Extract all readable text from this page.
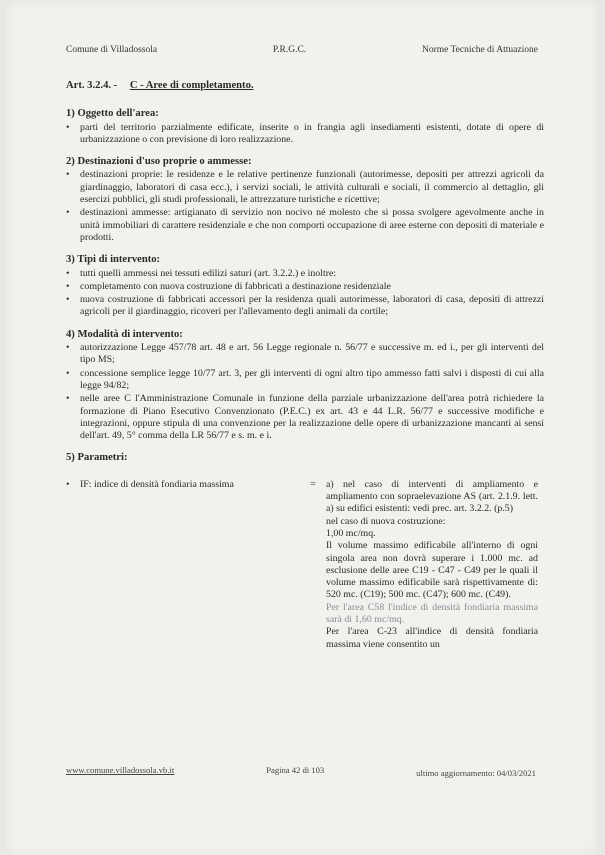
Comune di Villadossola	P.R.G.C.	Norme Tecniche di Attuazione
Art. 3.2.4. - C - Aree di completamento.
1) Oggetto dell'area:
• parti del territorio parzialmente edificate, inserite o in frangia agli insediamenti esistenti, dotate di opere di urbanizzazione o con previsione di loro realizzazione.
2) Destinazioni d'uso proprie o ammesse:
• destinazioni proprie: le residenze e le relative pertinenze funzionali (autorimesse, depositi per attrezzi agricoli da giardinaggio, laboratori di casa ecc.), i servizi sociali, le attività culturali e sociali, il commercio al dettaglio, gli esercizi pubblici, gli studi professionali, le attrezzature turistiche e ricettive;
• destinazioni ammesse: artigianato di servizio non nocivo né molesto che si possa svolgere agevolmente anche in unità immobiliari di carattere residenziale e che non comporti occupazione di aree esterne con depositi di materiale e prodotti.
3) Tipi di intervento:
• tutti quelli ammessi nei tessuti edilizi saturi (art. 3.2.2.) e inoltre:
• completamento con nuova costruzione di fabbricati a destinazione residenziale
• nuova costruzione di fabbricati accessori per la residenza quali autorimesse, laboratori di casa, depositi di attrezzi agricoli per il giardinaggio, ricoveri per l'allevamento degli animali da cortile;
4) Modalità di intervento:
• autorizzazione Legge 457/78 art. 48 e art. 56 Legge regionale n. 56/77 e successive m. ed i., per gli interventi del tipo MS;
• concessione semplice legge 10/77 art. 3, per gli interventi di ogni altro tipo ammesso fatti salvi i disposti di cui alla legge 94/82;
• nelle aree C l'Amministrazione Comunale in funzione della parziale urbanizzazione dell'area potrà richiedere la formazione di Piano Esecutivo Convenzionato (P.E.C.) ex art. 43 e 44 L.R. 56/77 e successive modifiche e integrazioni, oppure stipula di una convenzione per la realizzazione delle opere di urbanizzazione mancanti ai sensi dell'art. 49, 5° comma della LR 56/77 e s. m. e i.
5) Parametri:
• IF: indice di densità fondiaria massima	=	a) nel caso di interventi di ampliamento e ampliamento con sopraelevazione AS (art. 2.1.9. lett. a) su edifici esistenti: vedi prec. art. 3.2.2. (p.5)

nel caso di nuova costruzione:

1,00 mc/mq.

Il volume massimo edificabile all'interno di ogni singola area non dovrà superare i 1.000 mc. ad esclusione delle aree C19 - C47 - C49 per le quali il volume massimo edificabile sarà rispettivamente di: 520 mc. (C19); 500 mc. (C47); 600 mc. (C49).

Per l'area C58 l'indice di densità fondiaria massima sarà di 1,60 mc/mq.

Per l'area C-23 all'indice di densità fondiaria massima viene consentito un

www.comune.villadossola.vb.it	Pagina 42 di 103	ultimo aggiornamento: 04/03/2021
